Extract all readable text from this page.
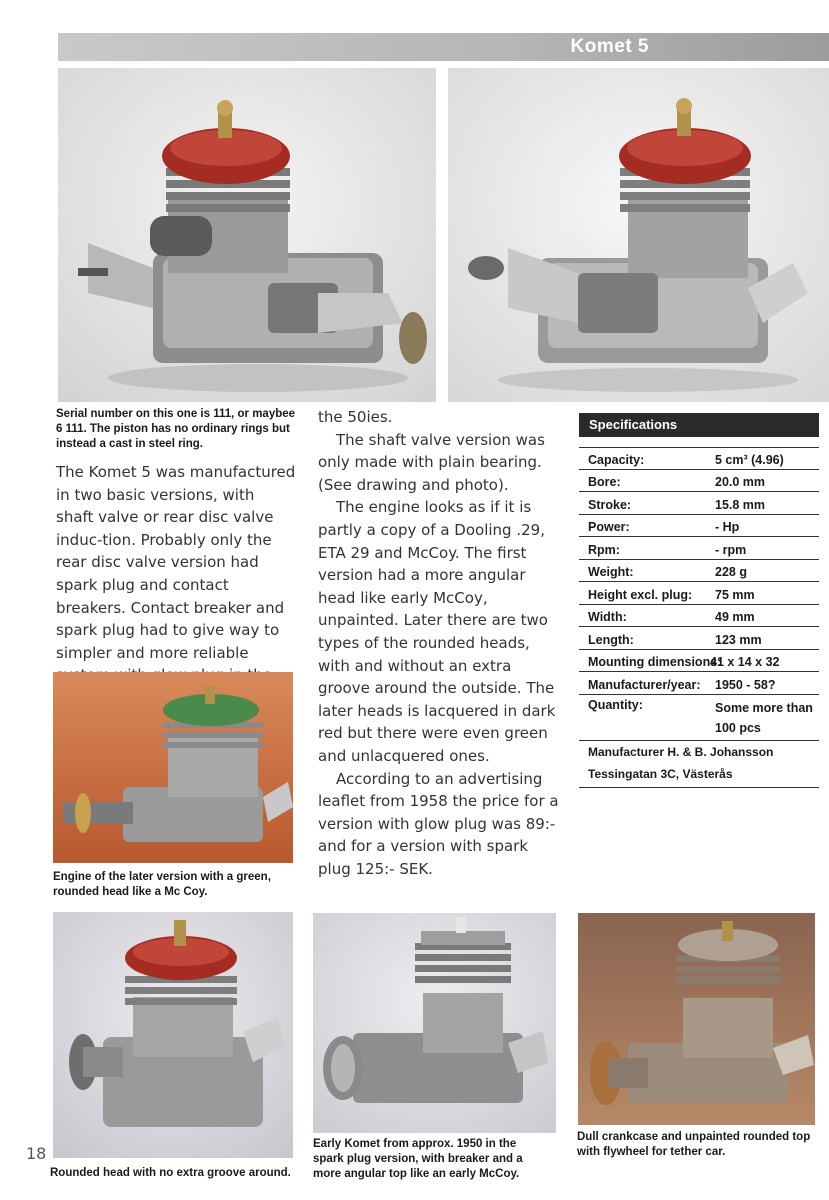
Komet 5
Serial number on this one is 111, or maybee 6 111. The piston has no ordinary rings but instead a cast in steel ring.

The Komet 5 was manufactured in two basic versions, with shaft valve or rear disc valve induc-tion. Probably only the rear disc valve version had spark plug and contact breakers. Contact breaker and spark plug had to give way to simpler and more reliable

the 50ies.

The shaft valve version was only made with plain bearing. (See drawing and photo).

The engine looks as if it is partly a copy of a Dooling .29, ETA 29 and McCoy. The first version had a more angular head like early McCoy, unpainted. Later there are two types of the rounded heads, with and without an extra groove around the outside. The later heads is lacquered in dark red but there were even green and unlacquered ones.

According to an advertising leaflet from 1958 the price for a version with glow plug was 89:- and for a version with spark plug 125:- SEK.

Specifications
Capacity:	5 cm³ (4.96)
Bore:	20.0 mm
Stroke:	15.8 mm
Power:	- Hp
Rpm:	- rpm
Weight:	228 g
Height excl. plug: 75 mm
Width:	49 mm
Length:	123 mm
Mounting dimensions:
41 x 14 x 32
Manufacturer/year: 1950 - 58?
Quantity:	Some more than 100 pcs
Manufacturer H. & B. Johansson
Tessingatan 3C, Västerås
Engine of the later version with a green, rounded head like a Mc Coy.
Early Komet from approx. 1950 in the spark plug version, with breaker and a more angular top like an early McCoy.
Dull crankcase and unpainted rounded top with flywheel for tether car.
Rounded head with no extra groove around.
18
